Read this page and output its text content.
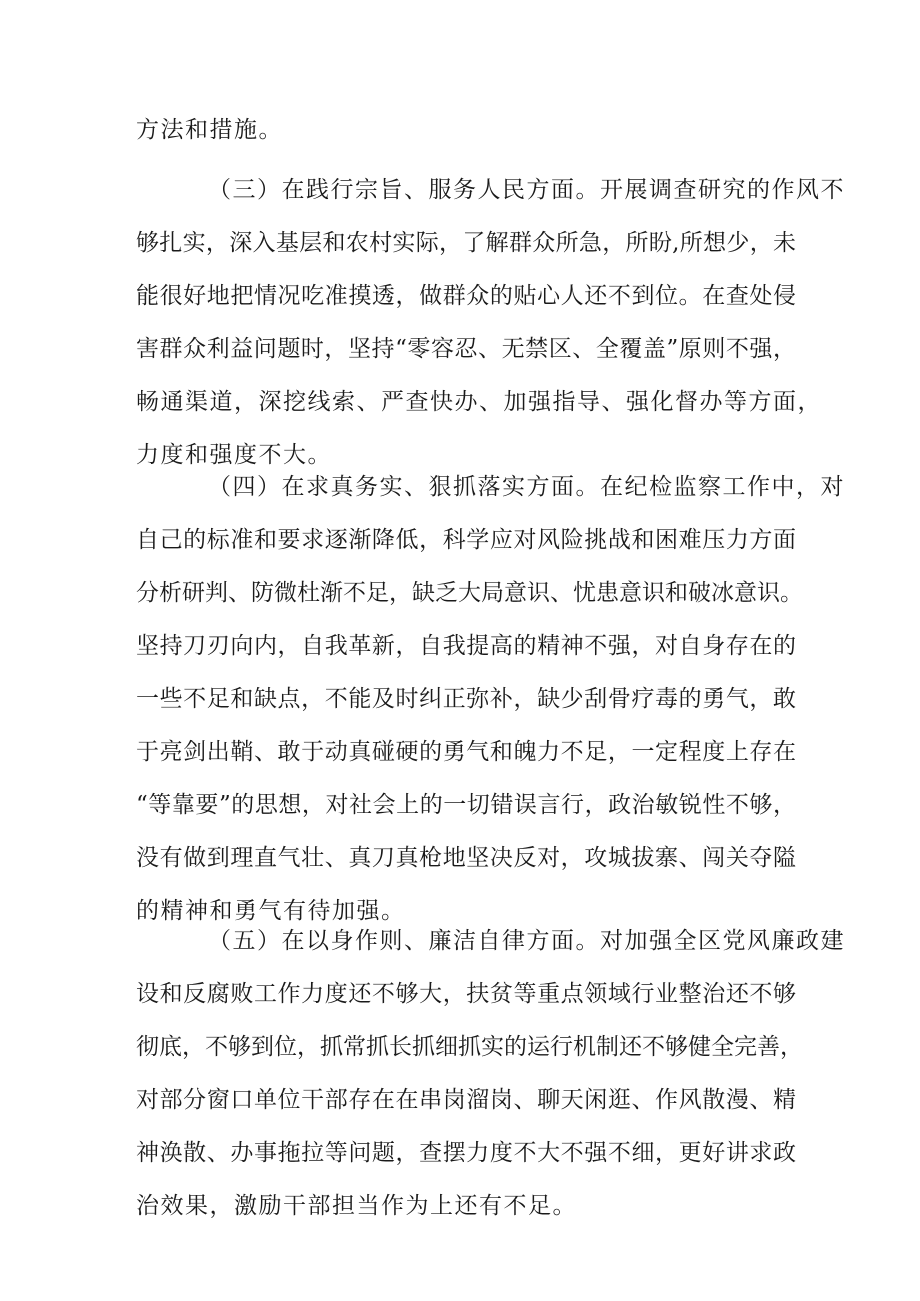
方法和措施。
（三）在践行宗旨、服务人民方面。开展调查研究的作风不
够扎实，深入基层和农村实际，了解群众所急，所盼,所想少，未
能很好地把情况吃准摸透，做群众的贴心人还不到位。在查处侵
害群众利益问题时，坚持“零容忍、无禁区、全覆盖”原则不强，
畅通渠道，深挖线索、严查快办、加强指导、强化督办等方面，
力度和强度不大。
（四）在求真务实、狠抓落实方面。在纪检监察工作中，对
自己的标准和要求逐渐降低，科学应对风险挑战和困难压力方面
分析研判、防微杜渐不足，缺乏大局意识、忧患意识和破冰意识。
坚持刀刃向内，自我革新，自我提高的精神不强，对自身存在的
一些不足和缺点，不能及时纠正弥补，缺少刮骨疗毒的勇气，敢
于亮剑出鞘、敢于动真碰硬的勇气和魄力不足，一定程度上存在
“等靠要”的思想，对社会上的一切错误言行，政治敏锐性不够，
没有做到理直气壮、真刀真枪地坚决反对，攻城拔寨、闯关夺隘
的精神和勇气有待加强。
（五）在以身作则、廉洁自律方面。对加强全区党风廉政建
设和反腐败工作力度还不够大，扶贫等重点领域行业整治还不够
彻底，不够到位，抓常抓长抓细抓实的运行机制还不够健全完善，
对部分窗口单位干部存在在串岗溜岗、聊天闲逛、作风散漫、精
神涣散、办事拖拉等问题，查摆力度不大不强不细，更好讲求政
治效果，激励干部担当作为上还有不足。
